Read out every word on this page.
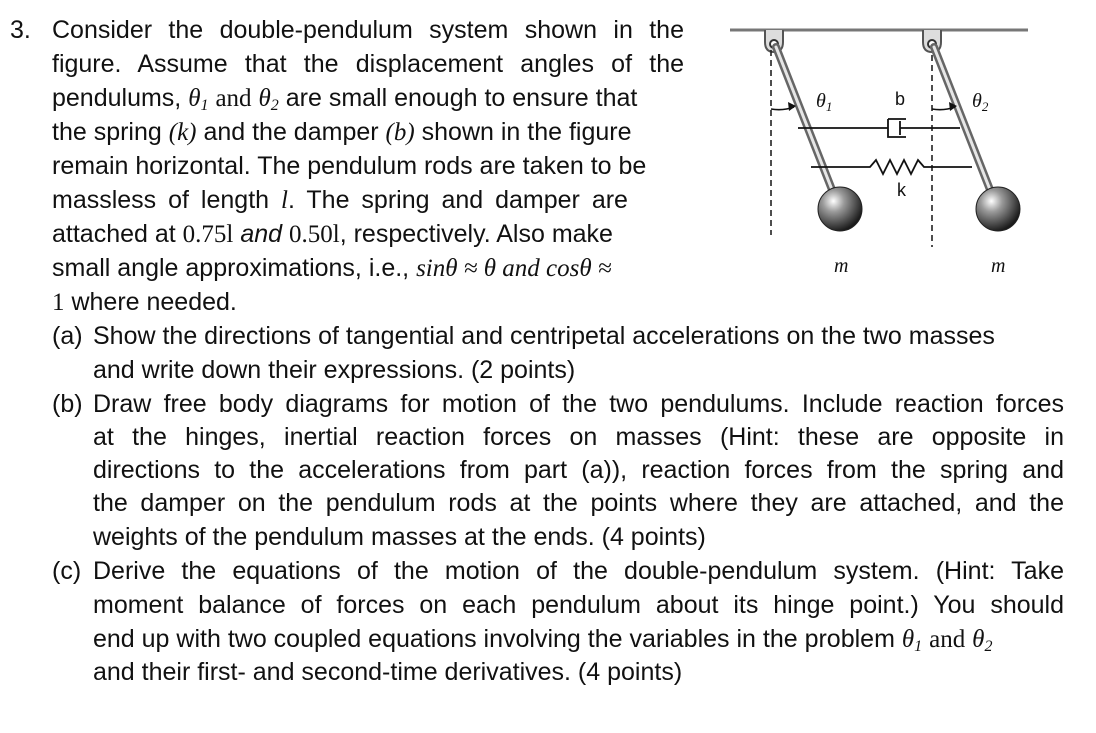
3. Consider the double-pendulum system shown in the
figure. Assume that the displacement angles of the
pendulums, $\theta_1$ and $\theta_2$ are small enough to ensure that
the spring (k) and the damper (b) shown in the figure
remain horizontal. The pendulum rods are taken to be
massless of length l. The spring and damper are
attached at 0.75l and 0.50l, respectively. Also make
small angle approximations, i.e., sinθ ≈ θ and cosθ ≈
1 where needed.
(a) Show the directions of tangential and centripetal accelerations on the two masses
and write down their expressions. (2 points)
(b) Draw free body diagrams for motion of the two pendulums. Include reaction forces
at the hinges, inertial reaction forces on masses (Hint: these are opposite in
directions to the accelerations from part (a)), reaction forces from the spring and
the damper on the pendulum rods at the points where they are attached, and the
weights of the pendulum masses at the ends. (4 points)
(c) Derive the equations of the motion of the double-pendulum system. (Hint: Take
moment balance of forces on each pendulum about its hinge point.) You should
end up with two coupled equations involving the variables in the problem $\theta_1$ and $\theta_2$
and their first- and second-time derivatives. (4 points)
$\theta_1$	$\theta_2$
b
k
m	m
